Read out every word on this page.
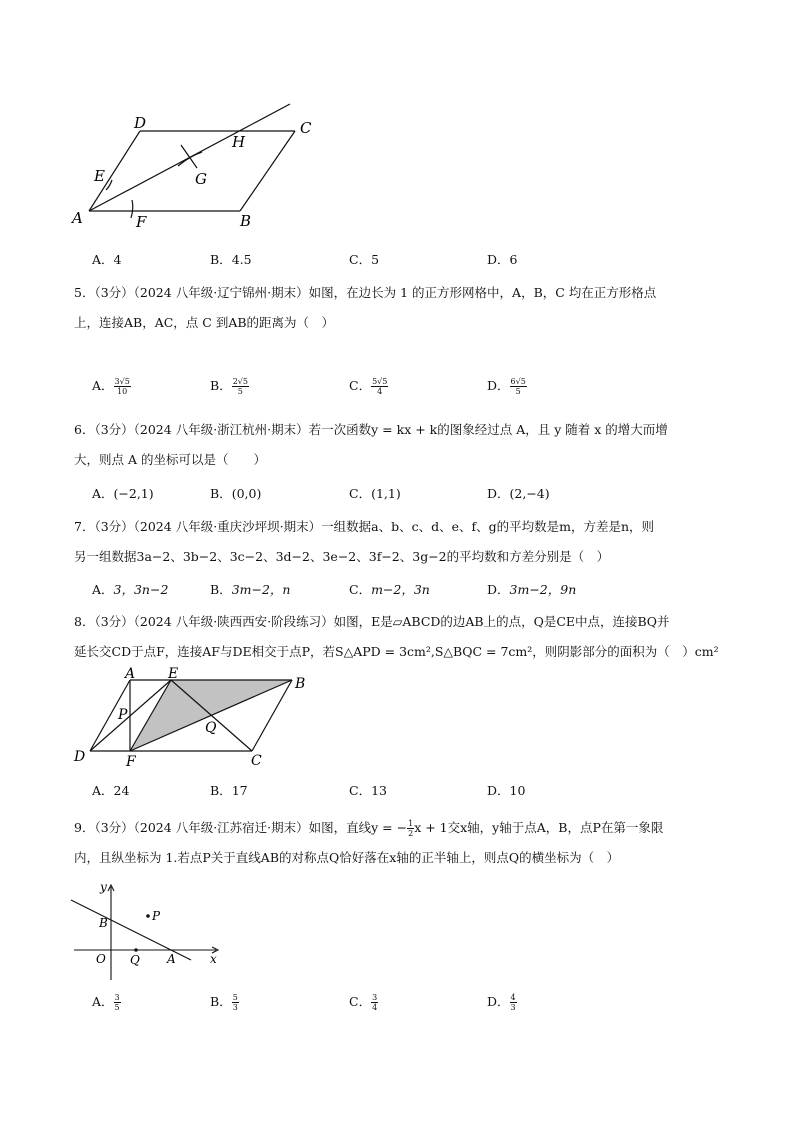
D	C
H
E	G
A	F	B
A．4	B．4.5	C．5	D．6
5．（3分）（2024 八年级·辽宁锦州·期末）如图，在边长为 1 的正方形网格中，A，B，C 均在正方形格点
上，连接AB，AC，点 C 到AB的距离为（　）
A． $\frac{3√5}{10}$	B． $\frac{2√5}{5}$	C． $\frac{5√5}{4}$	D． $\frac{6√5}{5}$
6．（3分）（2024 八年级·浙江杭州·期末）若一次函数y = kx + k的图象经过点 A，且 y 随着 x 的增大而增
大，则点 A 的坐标可以是（　　）
A．(−2,1)	B．(0,0)	C．(1,1)	D．(2,−4)
7．（3分）（2024 八年级·重庆沙坪坝·期末）一组数据a、b、c、d、e、f、g的平均数是m，方差是n，则
另一组数据3a−2、3b−2、3c−2、3d−2、3e−2、3f−2、3g−2的平均数和方差分别是（　）
A．3，3n−2	B．3m−2，n	C．m−2，3n	D．3m−2，9n
8．（3分）（2024 八年级·陕西西安·阶段练习）如图，E是▱ABCD的边AB上的点，Q是CE中点，连接BQ并
延长交CD于点F，连接AF与DE相交于点P，若S△APD = 3cm²,S△BQC = 7cm²，则阴影部分的面积为（　）cm²
A E
B
P
Q
D	F	C
A．24	B．17	C．13	D．10
9．（3分）（2024 八年级·江苏宿迁·期末）如图，直线y = − $\frac{1}{2}$ x + 1交x轴，y轴于点A，B，点P在第一象限
内，且纵坐标为 1.若点P关于直线AB的对称点Q恰好落在x轴的正半轴上，则点Q的横坐标为（　）
y
x
O Q A
B	P
A． $\frac{3}{5}$	B． $\frac{5}{3}$	C． $\frac{3}{4}$	D． $\frac{4}{3}$
